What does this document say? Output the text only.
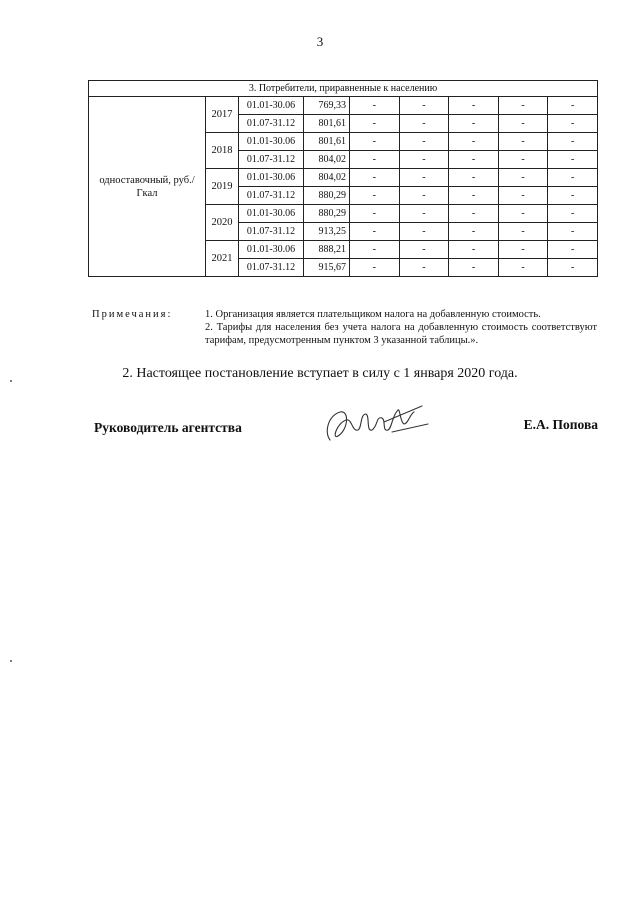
3
3. Потребители, приравненные к населению								
одноставочный, руб./Гкал	2017	01.01-30.06	769,33	-	-	-	-	-
		01.07-31.12	801,61	-	-	-	-	-
	2018	01.01-30.06	801,61	-	-	-	-	-
		01.07-31.12	804,02	-	-	-	-	-
	2019	01.01-30.06	804,02	-	-	-	-	-
		01.07-31.12	880,29	-	-	-	-	-
	2020	01.01-30.06	880,29	-	-	-	-	-
		01.07-31.12	913,25	-	-	-	-	-
	2021	01.01-30.06	888,21	-	-	-	-	-
		01.07-31.12	915,67	-	-	-	-	-
Примечания:	1. Организация является плательщиком налога на добавленную стоимость.

2. Тарифы для населения без учета налога на добавленную стоимость соответствуют тарифам, предусмотренным пунктом 3 указанной таблицы.».

2. Настоящее постановление вступает в силу с 1 января 2020 года.
Руководитель агентства	Е.А. Попова
